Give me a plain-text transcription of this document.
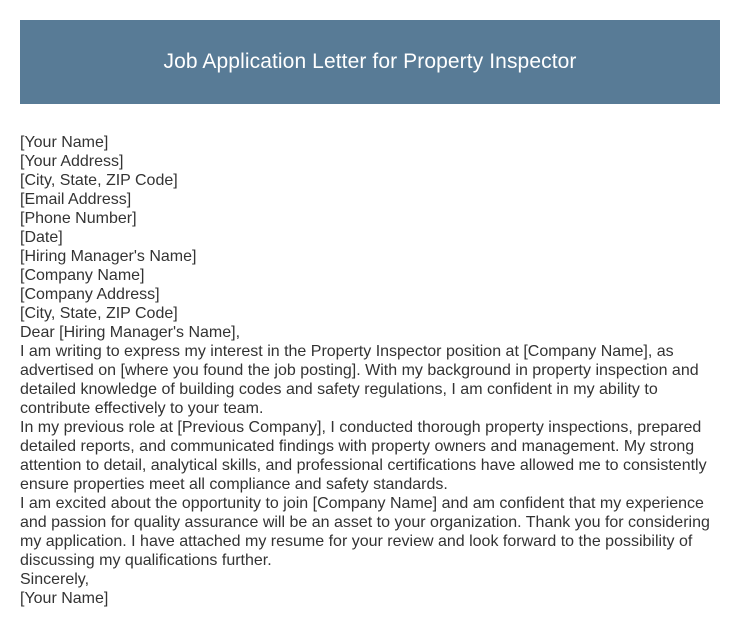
Job Application Letter for Property Inspector
[Your Name]
[Your Address]
[City, State, ZIP Code]
[Email Address]
[Phone Number]
[Date]
[Hiring Manager's Name]
[Company Name]
[Company Address]
[City, State, ZIP Code]
Dear [Hiring Manager's Name],
I am writing to express my interest in the Property Inspector position at [Company Name], as advertised on [where you found the job posting]. With my background in property inspection and detailed knowledge of building codes and safety regulations, I am confident in my ability to contribute effectively to your team.
In my previous role at [Previous Company], I conducted thorough property inspections, prepared detailed reports, and communicated findings with property owners and management. My strong attention to detail, analytical skills, and professional certifications have allowed me to consistently ensure properties meet all compliance and safety standards.
I am excited about the opportunity to join [Company Name] and am confident that my experience and passion for quality assurance will be an asset to your organization. Thank you for considering my application. I have attached my resume for your review and look forward to the possibility of discussing my qualifications further.
Sincerely,
[Your Name]
